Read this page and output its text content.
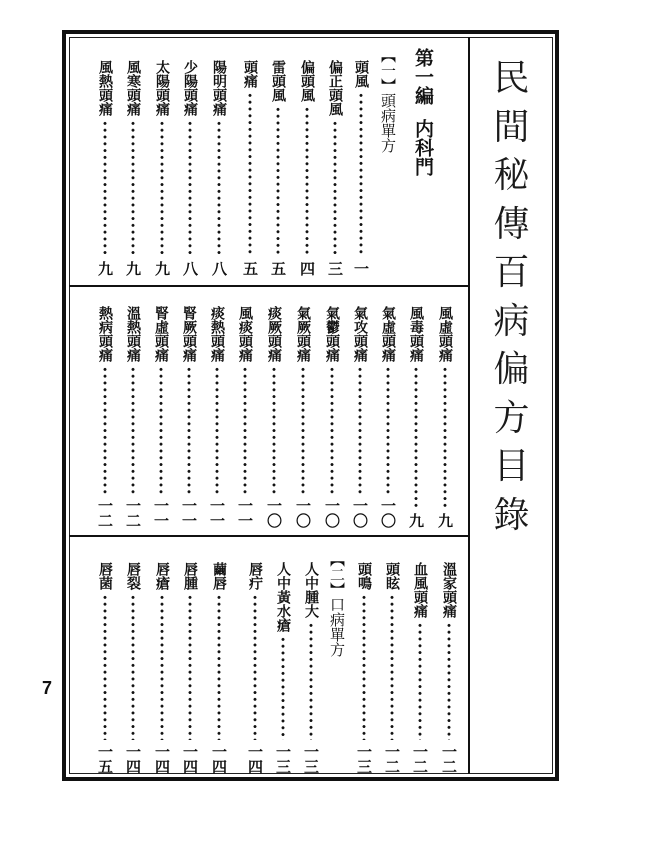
民
間
秘
傳
百
病
偏
方
目
錄
第一編
内科門
【一】頭病單方
頭風
一
偏正頭風
三
偏頭風
四
雷頭風
五
頭痛
五
陽明頭痛
八
少陽頭痛
八
太陽頭痛
九
風寒頭痛
九
風熱頭痛
九
風虛頭痛
九
風毒頭痛
九
氣虛頭痛
一〇
氣攻頭痛
一〇
氣鬱頭痛
一〇
氣厥頭痛
一〇
痰厥頭痛
一〇
風痰頭痛
一一
痰熱頭痛
一一
腎厥頭痛
一一
腎虛頭痛
一一
溫熱頭痛
一二
熱病頭痛
一二
溫家頭痛
一二
血風頭痛
一二
頭眩
一二
頭鳴
一三
【二】口病單方
人中腫大
一三
人中黃水瘡
一三
唇疔
一四
繭唇
一四
唇腫
一四
唇瘡
一四
唇裂
一四
唇菌
一五
7
